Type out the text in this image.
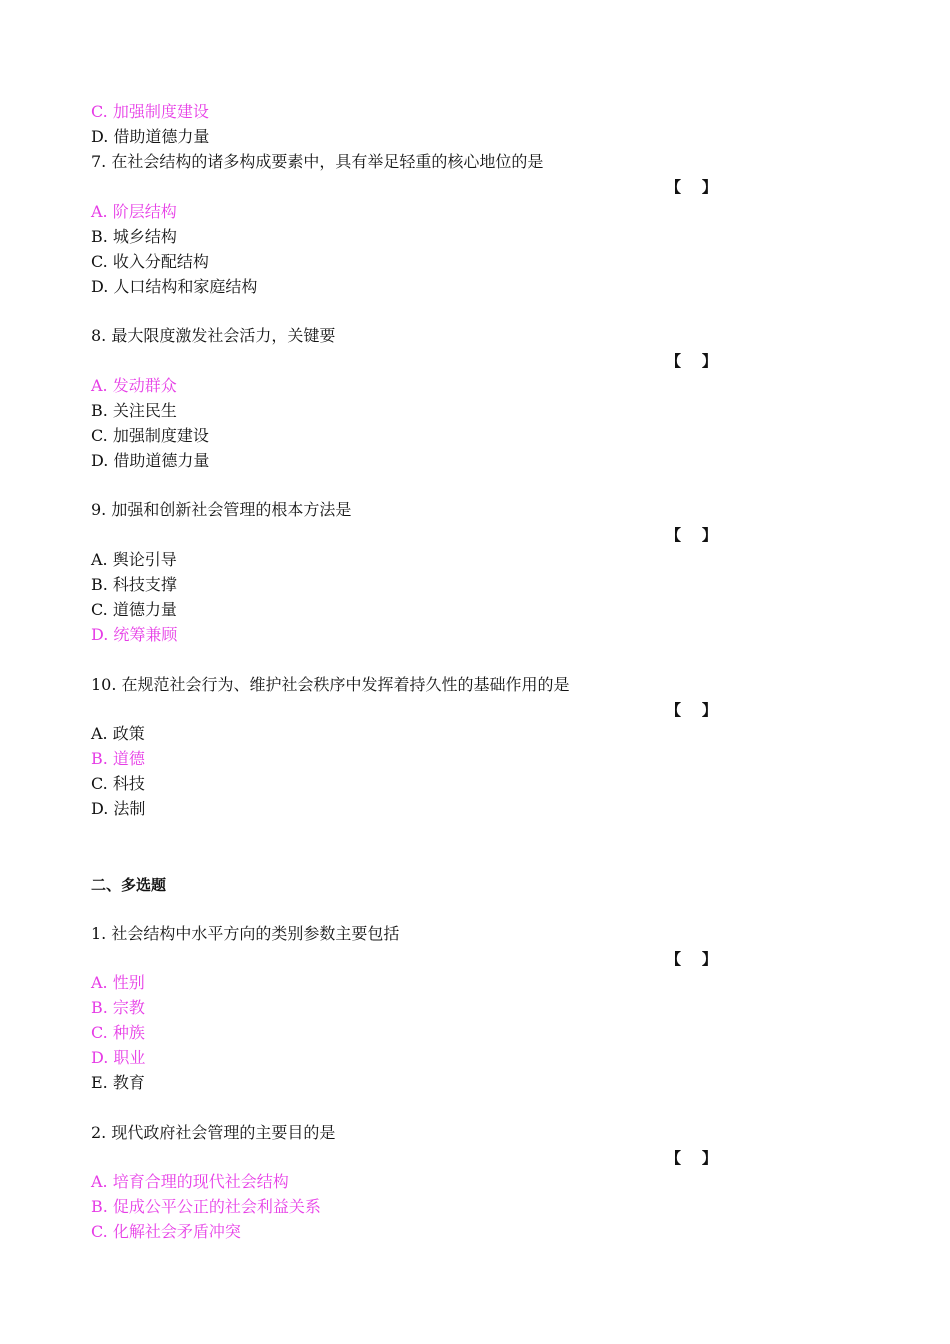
C. 加强制度建设
D. 借助道德力量
7. 在社会结构的诸多构成要素中，具有举足轻重的核心地位的是
【    】
A. 阶层结构
B. 城乡结构
C. 收入分配结构
D. 人口结构和家庭结构
8. 最大限度激发社会活力，关键要
【    】
A. 发动群众
B. 关注民生
C. 加强制度建设
D. 借助道德力量
9. 加强和创新社会管理的根本方法是
【    】
A. 舆论引导
B. 科技支撑
C. 道德力量
D. 统筹兼顾
10. 在规范社会行为、维护社会秩序中发挥着持久性的基础作用的是
【    】
A. 政策
B. 道德
C. 科技
D. 法制
二、多选题
1. 社会结构中水平方向的类别参数主要包括
【    】
A. 性别
B. 宗教
C. 种族
D. 职业
E. 教育
2. 现代政府社会管理的主要目的是
【    】
A. 培育合理的现代社会结构
B. 促成公平公正的社会利益关系
C. 化解社会矛盾冲突
